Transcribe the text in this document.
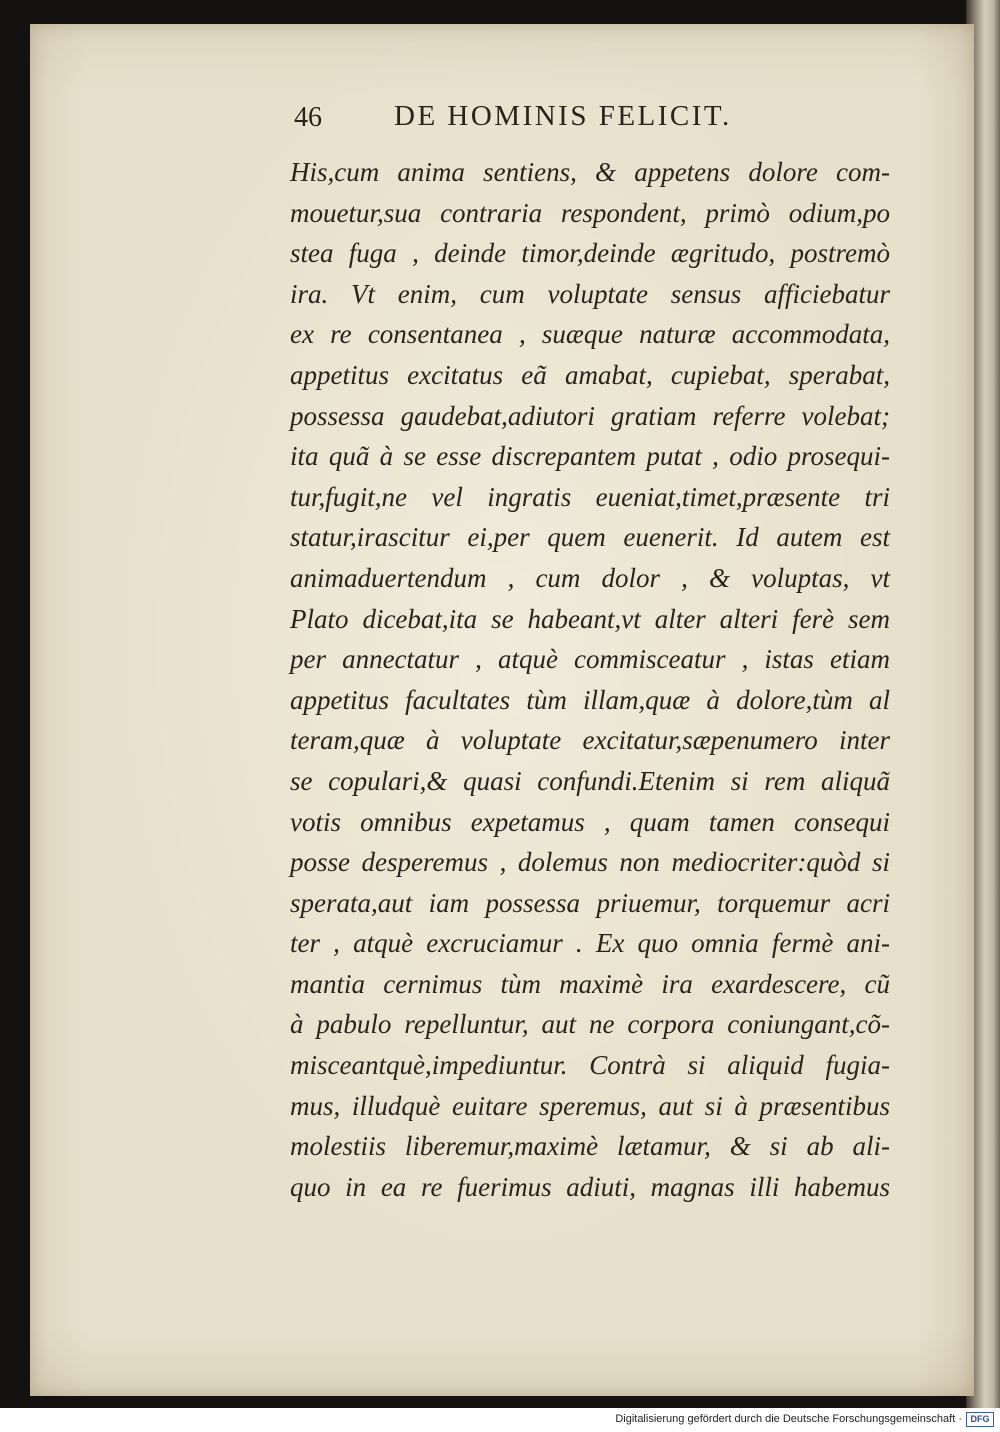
46 DE HOMINIS FELICIT.
His,cum anima sentiens, & appetens dolore com-
mouetur,sua contraria respondent, primò odium,po
stea fuga , deinde timor,deinde ægritudo, postremò
ira. Vt enim, cum voluptate sensus afficiebatur
ex re consentanea , suæque naturæ accommodata,
appetitus excitatus eã amabat, cupiebat, sperabat,
possessa gaudebat,adiutori gratiam referre volebat;
ita quã à se esse discrepantem putat , odio prosequi-
tur,fugit,ne vel ingratis eueniat,timet,præsente tri
statur,irascitur ei,per quem euenerit. Id autem est
animaduertendum , cum dolor , & voluptas, vt
Plato dicebat,ita se habeant,vt alter alteri ferè sem
per annectatur , atquè commisceatur , istas etiam
appetitus facultates tùm illam,quæ à dolore,tùm al
teram,quæ à voluptate excitatur,sæpenumero inter
se copulari,& quasi confundi.Etenim si rem aliquã
votis omnibus expetamus , quam tamen consequi
posse desperemus , dolemus non mediocriter:quòd si
sperata,aut iam possessa priuemur, torquemur acri
ter , atquè excruciamur . Ex quo omnia fermè ani-
mantia cernimus tùm maximè ira exardescere, cũ
à pabulo repelluntur, aut ne corpora coniungant,cõ-
misceantquè,impediuntur. Contrà si aliquid fugia-
mus, illudquè euitare speremus, aut si à præsentibus
molestiis liberemur,maximè lætamur, & si ab ali-
quo in ea re fuerimus adiuti, magnas illi habemus
Digitalisierung gefördert durch die Deutsche Forschungsgemeinschaft · DFG
